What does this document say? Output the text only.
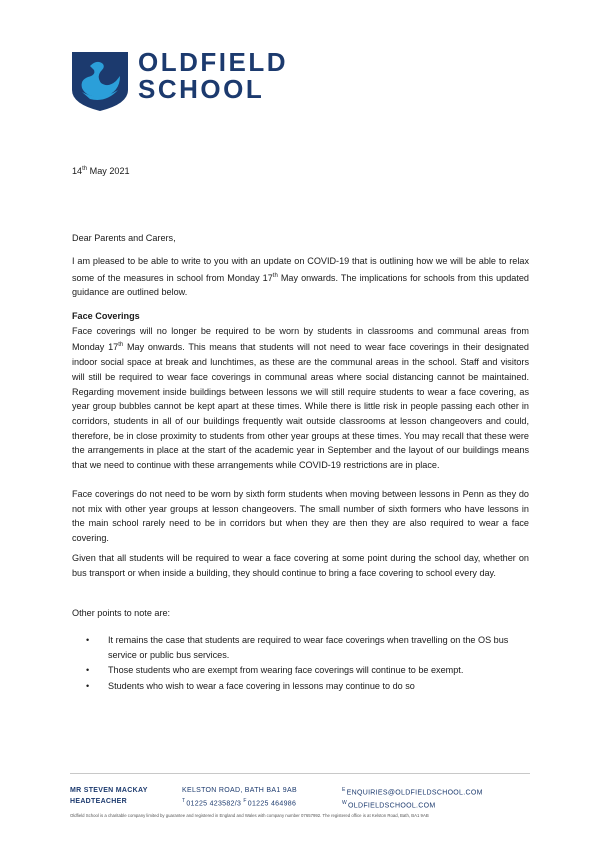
OLDFIELD
SCHOOL
14th May 2021
Dear Parents and Carers,
I am pleased to be able to write to you with an update on COVID-19 that is outlining how we will be able to relax some of the measures in school from Monday 17th May onwards. The implications for schools from this updated guidance are outlined below.
Face Coverings

Face coverings will no longer be required to be worn by students in classrooms and communal areas from Monday 17th May onwards. This means that students will not need to wear face coverings in their designated indoor social space at break and lunchtimes, as these are the communal areas in the school. Staff and visitors will still be required to wear face coverings in communal areas where social distancing cannot be maintained. Regarding movement inside buildings between lessons we will still require students to wear a face covering, as year group bubbles cannot be kept apart at these times. While there is little risk in people passing each other in corridors, students in all of our buildings frequently wait outside classrooms at lesson changeovers and could, therefore, be in close proximity to students from other year groups at these times. You may recall that these were the arrangements in place at the start of the academic year in September and the layout of our buildings means that we need to continue with these arrangements while COVID-19 restrictions are in place.

Face coverings do not need to be worn by sixth form students when moving between lessons in Penn as they do not mix with other year groups at lesson changeovers. The small number of sixth formers who have lessons in the main school rarely need to be in corridors but when they are then they are also required to wear a face covering.
Given that all students will be required to wear a face covering at some point during the school day, whether on bus transport or when inside a building, they should continue to bring a face covering to school every day.
Other points to note are:
• It remains the case that students are required to wear face coverings when travelling on the OS bus service or public bus services.
• Those students who are exempt from wearing face coverings will continue to be exempt.
• Students who wish to wear a face covering in lessons may continue to do so
MR STEVEN MACKAY
HEADTEACHER
KELSTON ROAD, BATH BA1 9AB
$^T$01225 423582/3 $^F$01225 464986
$^E$ENQUIRIES@OLDFIELDSCHOOL.COM
$^W$OLDFIELDSCHOOL.COM
Oldfield School is a charitable company limited by guarantee and registered in England and Wales with company number 07657992. The registered office is at Kelston Road, Bath, BA1 9AB
